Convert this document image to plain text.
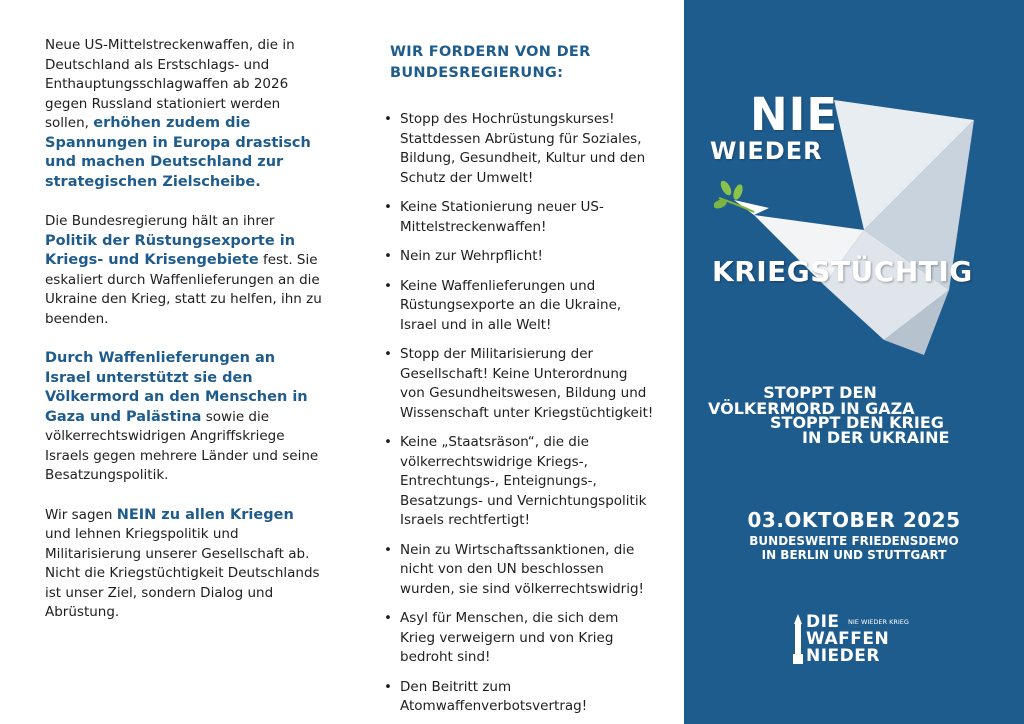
Neue US-Mittelstreckenwaffen, die in Deutschland als Erstschlags- und Enthauptungsschlagwaffen ab 2026 gegen Russland stationiert werden sollen, erhöhen zudem die Spannungen in Europa drastisch und machen Deutschland zur strategischen Zielscheibe.

Die Bundesregierung hält an ihrer Politik der Rüstungsexporte in Kriegs- und Krisengebiete fest. Sie eskaliert durch Waffenlieferungen an die Ukraine den Krieg, statt zu helfen, ihn zu beenden.

Durch Waffenlieferungen an Israel unterstützt sie den Völkermord an den Menschen in Gaza und Palästina sowie die völkerrechtswidrigen Angriffskriege Israels gegen mehrere Länder und seine Besatzungspolitik.

Wir sagen NEIN zu allen Kriegen und lehnen Kriegspolitik und Militarisierung unserer Gesellschaft ab. Nicht die Kriegstüchtigkeit Deutschlands ist unser Ziel, sondern Dialog und Abrüstung.

WIR FORDERN VON DER BUNDESREGIERUNG:
• Stopp des Hochrüstungskurses! Stattdessen Abrüstung für Soziales, Bildung, Gesundheit, Kultur und den Schutz der Umwelt!
• Keine Stationierung neuer US-Mittelstreckenwaffen!
• Nein zur Wehrpflicht!
• Keine Waffenlieferungen und Rüstungsexporte an die Ukraine, Israel und in alle Welt!
• Stopp der Militarisierung der Gesellschaft! Keine Unterordnung von Gesundheitswesen, Bildung und Wissenschaft unter Kriegstüchtigkeit!
• Keine „Staatsräson“, die die völkerrechtswidrige Kriegs-, Entrechtungs-, Enteignungs-, Besatzungs- und Vernichtungspolitik Israels rechtfertigt!
• Nein zu Wirtschaftssanktionen, die nicht von den UN beschlossen wurden, sie sind völkerrechtswidrig!
• Asyl für Menschen, die sich dem Krieg verweigern und von Krieg bedroht sind!
• Den Beitritt zum Atomwaffenverbotsvertrag!
NIE
WIEDER
KRIEGSTÜCHTIG
STOPPT DEN
VÖLKERMORD IN GAZA
STOPPT DEN KRIEG
IN DER UKRAINE
03.OKTOBER 2025
BUNDESWEITE FRIEDENSDEMO
IN BERLIN UND STUTTGART
DIE NIE WIEDER KRIEG
WAFFEN
NIEDER
